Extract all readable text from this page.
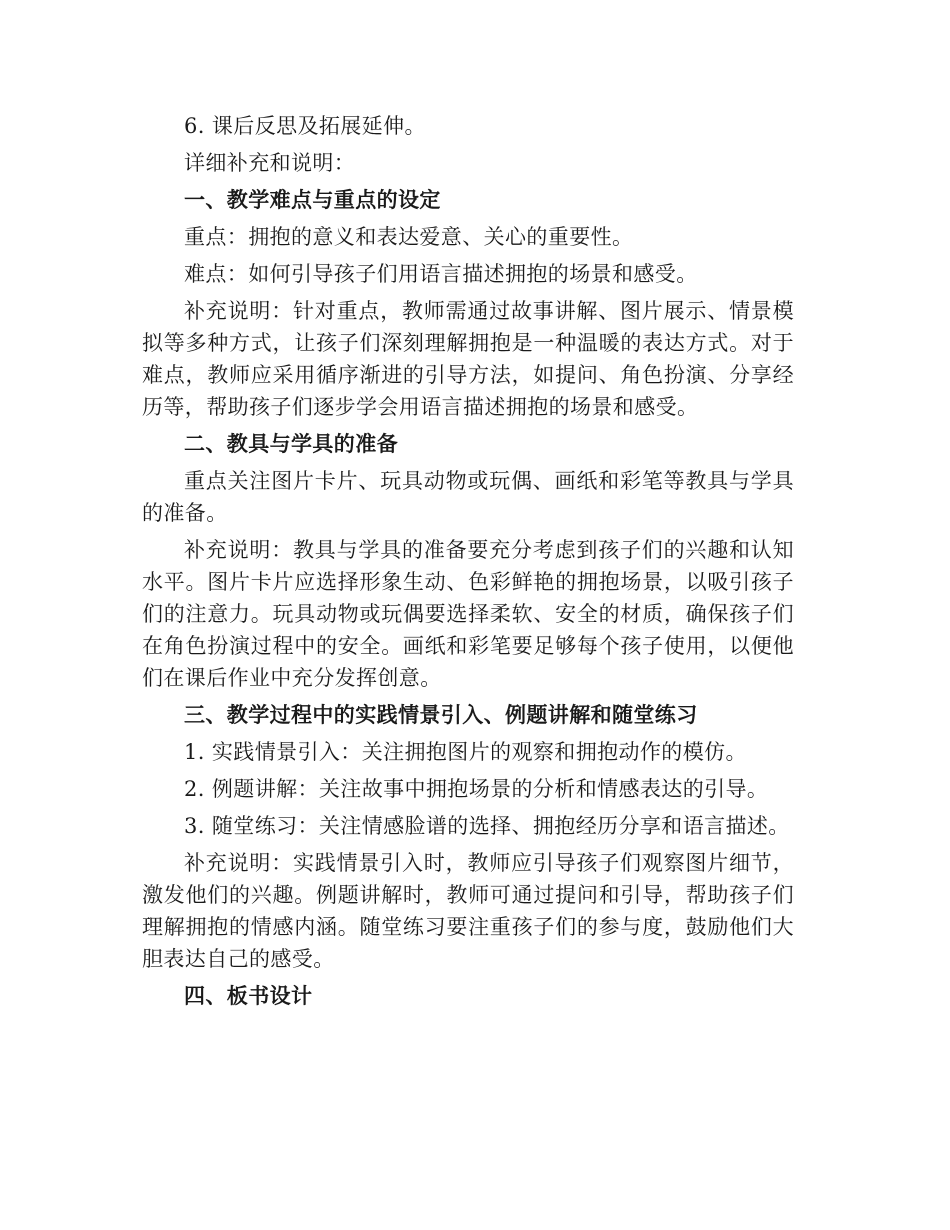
6. 课后反思及拓展延伸。

详细补充和说明：

一、教学难点与重点的设定

重点：拥抱的意义和表达爱意、关心的重要性。

难点：如何引导孩子们用语言描述拥抱的场景和感受。

补充说明：针对重点，教师需通过故事讲解、图片展示、情景模拟等多种方式，让孩子们深刻理解拥抱是一种温暖的表达方式。对于难点，教师应采用循序渐进的引导方法，如提问、角色扮演、分享经历等，帮助孩子们逐步学会用语言描述拥抱的场景和感受。

二、教具与学具的准备

重点关注图片卡片、玩具动物或玩偶、画纸和彩笔等教具与学具的准备。

补充说明：教具与学具的准备要充分考虑到孩子们的兴趣和认知水平。图片卡片应选择形象生动、色彩鲜艳的拥抱场景，以吸引孩子们的注意力。玩具动物或玩偶要选择柔软、安全的材质，确保孩子们在角色扮演过程中的安全。画纸和彩笔要足够每个孩子使用，以便他们在课后作业中充分发挥创意。

三、教学过程中的实践情景引入、例题讲解和随堂练习

1. 实践情景引入：关注拥抱图片的观察和拥抱动作的模仿。

2. 例题讲解：关注故事中拥抱场景的分析和情感表达的引导。

3. 随堂练习：关注情感脸谱的选择、拥抱经历分享和语言描述。

补充说明：实践情景引入时，教师应引导孩子们观察图片细节，激发他们的兴趣。例题讲解时，教师可通过提问和引导，帮助孩子们理解拥抱的情感内涵。随堂练习要注重孩子们的参与度，鼓励他们大胆表达自己的感受。

四、板书设计
